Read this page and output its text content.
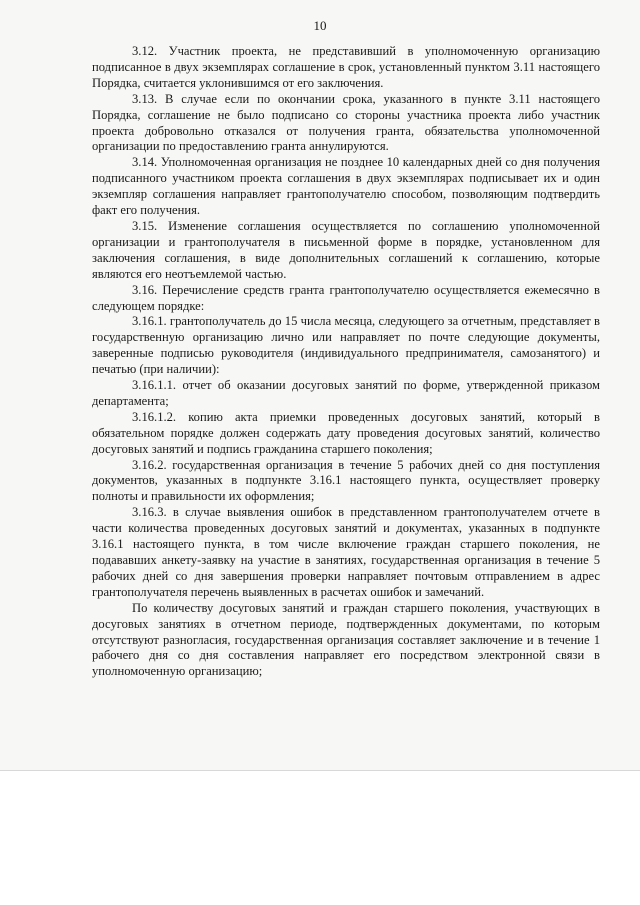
10

3.12. Участник проекта, не представивший в уполномоченную организацию подписанное в двух экземплярах соглашение в срок, установленный пунктом 3.11 настоящего Порядка, считается уклонившимся от его заключения.

3.13. В случае если по окончании срока, указанного в пункте 3.11 настоящего Порядка, соглашение не было подписано со стороны участника проекта либо участник проекта добровольно отказался от получения гранта, обязательства уполномоченной организации по предоставлению гранта аннулируются.

3.14. Уполномоченная организация не позднее 10 календарных дней со дня получения подписанного участником проекта соглашения в двух экземплярах подписывает их и один экземпляр соглашения направляет грантополучателю способом, позволяющим подтвердить факт его получения.

3.15. Изменение соглашения осуществляется по соглашению уполномоченной организации и грантополучателя в письменной форме в порядке, установленном для заключения соглашения, в виде дополнительных соглашений к соглашению, которые являются его неотъемлемой частью.

3.16. Перечисление средств гранта грантополучателю осуществляется ежемесячно в следующем порядке:

3.16.1. грантополучатель до 15 числа месяца, следующего за отчетным, представляет в государственную организацию лично или направляет по почте следующие документы, заверенные подписью руководителя (индивидуального предпринимателя, самозанятого) и печатью (при наличии):

3.16.1.1. отчет об оказании досуговых занятий по форме, утвержденной приказом департамента;

3.16.1.2. копию акта приемки проведенных досуговых занятий, который в обязательном порядке должен содержать дату проведения досуговых занятий, количество досуговых занятий и подпись гражданина старшего поколения;

3.16.2. государственная организация в течение 5 рабочих дней со дня поступления документов, указанных в подпункте 3.16.1 настоящего пункта, осуществляет проверку полноты и правильности их оформления;

3.16.3. в случае выявления ошибок в представленном грантополучателем отчете в части количества проведенных досуговых занятий и документах, указанных в подпункте 3.16.1 настоящего пункта, в том числе включение граждан старшего поколения, не подававших анкету-заявку на участие в занятиях, государственная организация в течение 5 рабочих дней со дня завершения проверки направляет почтовым отправлением в адрес грантополучателя перечень выявленных в расчетах ошибок и замечаний.

По количеству досуговых занятий и граждан старшего поколения, участвующих в досуговых занятиях в отчетном периоде, подтвержденных документами, по которым отсутствуют разногласия, государственная организация составляет заключение и в течение 1 рабочего дня со дня составления направляет его посредством электронной связи в уполномоченную организацию;
